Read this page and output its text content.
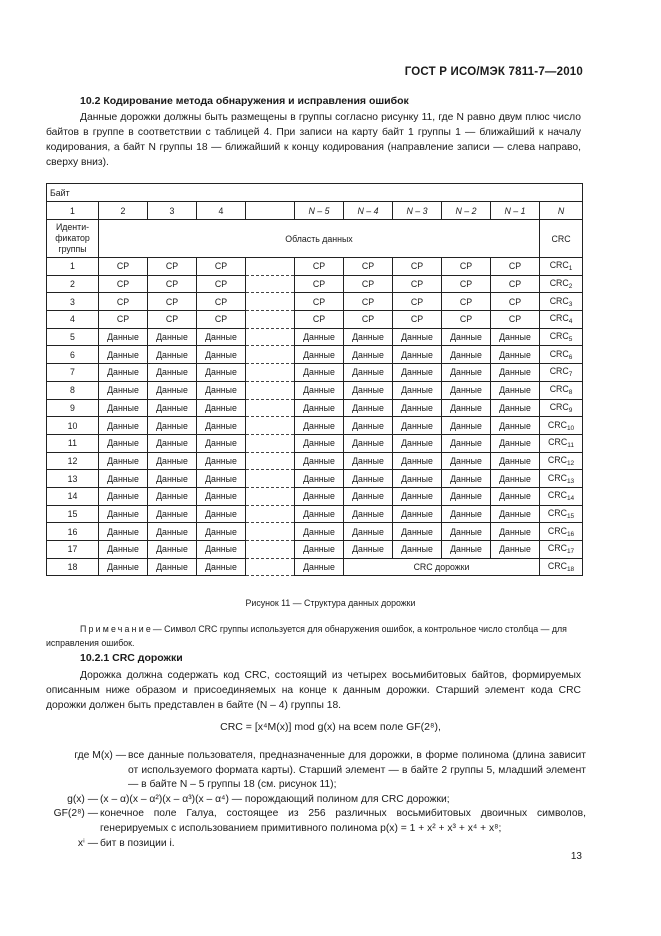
ГОСТ Р ИСО/МЭК 7811-7—2010
10.2 Кодирование метода обнаружения и исправления ошибок
Данные дорожки должны быть размещены в группы согласно рисунку 11, где N равно двум плюс число байтов в группе в соответствии с таблицей 4. При записи на карту байт 1 группы 1 — ближайший к началу кодирования, а байт N группы 18 — ближайший к концу кодирования (направление записи — слева направо, сверху вниз).
Байт										
1	2	3	4		N – 5	N – 4	N – 3	N – 2	N – 1	N
Иденти-
фикатор
группы	Область данных									CRC
1	CP	CP	CP		CP	CP	CP	CP	CP	$CRC_1$
2	CP	CP	CP		CP	CP	CP	CP	CP	$CRC_2$
3	CP	CP	CP		CP	CP	CP	CP	CP	$CRC_3$
4	CP	CP	CP		CP	CP	CP	CP	CP	$CRC_4$
5	Данные	Данные	Данные		Данные	Данные	Данные	Данные	Данные	$CRC_5$
6	Данные	Данные	Данные		Данные	Данные	Данные	Данные	Данные	$CRC_6$
7	Данные	Данные	Данные		Данные	Данные	Данные	Данные	Данные	$CRC_7$
8	Данные	Данные	Данные		Данные	Данные	Данные	Данные	Данные	$CRC_8$
9	Данные	Данные	Данные		Данные	Данные	Данные	Данные	Данные	$CRC_9$
10	Данные	Данные	Данные		Данные	Данные	Данные	Данные	Данные	$CRC_{10}$
11	Данные	Данные	Данные		Данные	Данные	Данные	Данные	Данные	$CRC_{11}$
12	Данные	Данные	Данные		Данные	Данные	Данные	Данные	Данные	$CRC_{12}$
13	Данные	Данные	Данные		Данные	Данные	Данные	Данные	Данные	$CRC_{13}$
14	Данные	Данные	Данные		Данные	Данные	Данные	Данные	Данные	$CRC_{14}$
15	Данные	Данные	Данные		Данные	Данные	Данные	Данные	Данные	$CRC_{15}$
16	Данные	Данные	Данные		Данные	Данные	Данные	Данные	Данные	$CRC_{16}$
17	Данные	Данные	Данные		Данные	Данные	Данные	Данные	Данные	$CRC_{17}$
18	Данные	Данные	Данные		Данные	CRC дорожки				$CRC_{18}$
Рисунок 11 — Структура данных дорожки
Примечание— Символ CRC группы используется для обнаружения ошибок, а контрольное число столбца — для исправления ошибок.
10.2.1 CRC дорожки
Дорожка должна содержать код CRC, состоящий из четырех восьмибитовых байтов, формируемых описанным ниже образом и присоединяемых на конце к данным дорожки. Старший элемент кода CRC дорожки должен быть представлен в байте (N – 4) группы 18.
CRC = [x⁴M(x)] mod g(x) на всем поле GF(2⁸),
где M(x) — все данные пользователя, предназначенные для дорожки, в форме полинома (длина зависит от используемого формата карты). Старший элемент — в байте 2 группы 5, младший элемент — в байте N – 5 группы 18 (см. рисунок 11);
g(x) — (x – α)(x – α²)(x – α³)(x – α⁴) — порождающий полином для CRC дорожки;
GF(2⁸) — конечное поле Галуа, состоящее из 256 различных восьмибитовых двоичных символов, генерируемых с использованием примитивного полинома p(x) = 1 + x² + x³ + x⁴ + x⁸;
xⁱ — бит в позиции i.
13
